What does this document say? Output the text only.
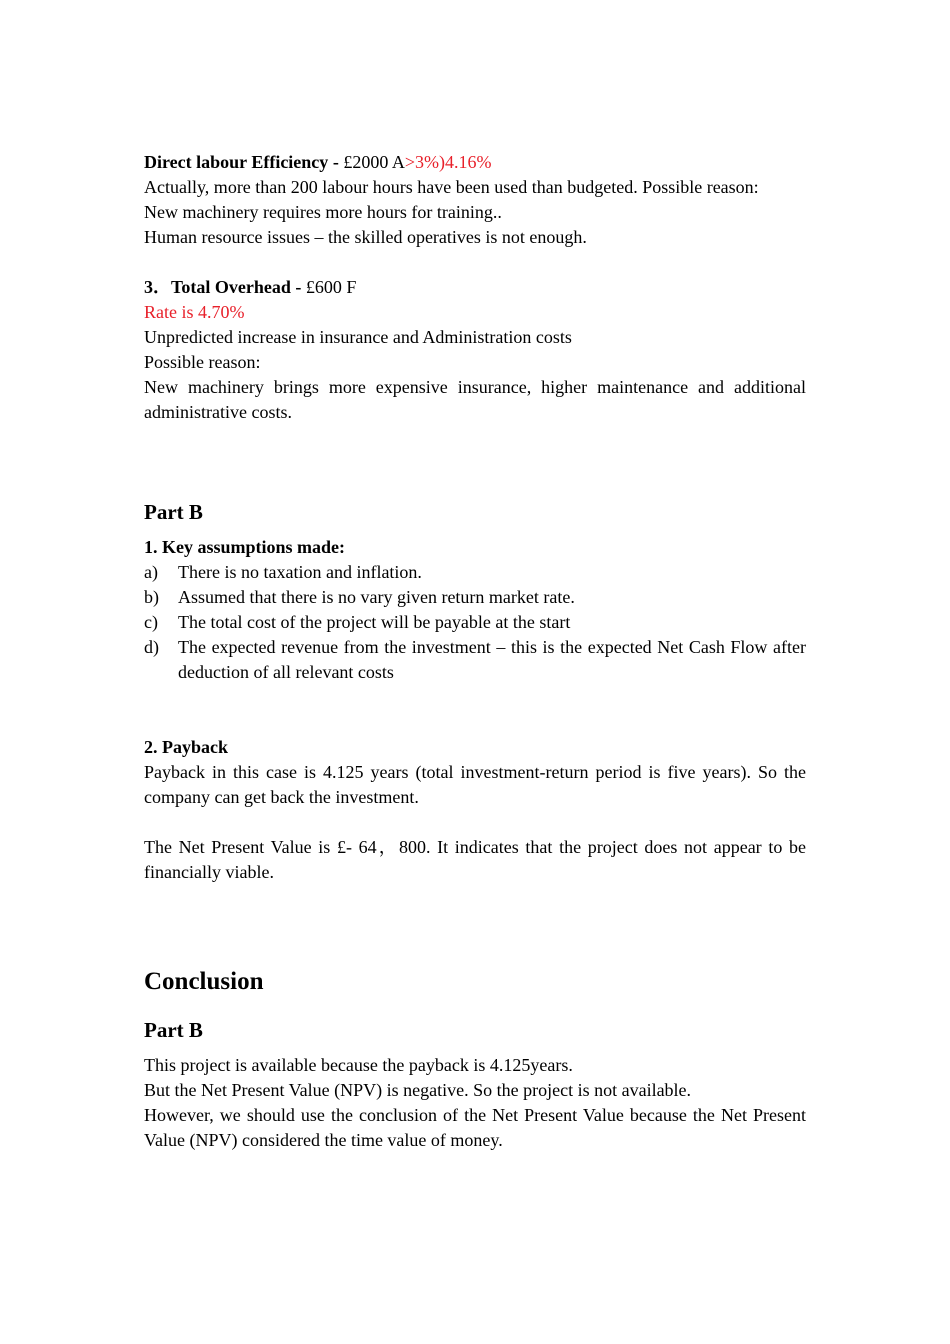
Direct labour Efficiency - £2000 A>3%)4.16%

Actually, more than 200 labour hours have been used than budgeted. Possible reason:

New machinery requires more hours for training..

Human resource issues – the skilled operatives is not enough.

3．Total Overhead - £600 F

Rate is 4.70%

Unpredicted increase in insurance and Administration costs

Possible reason:

New machinery brings more expensive insurance, higher maintenance and additional administrative costs.

Part B

1. Key assumptions made:

a)	There is no taxation and inflation.
b)	Assumed that there is no vary given return market rate.
c)	The total cost of the project will be payable at the start
d)	The expected revenue from the investment – this is the expected Net Cash Flow after deduction of all relevant costs

2. Payback

Payback in this case is 4.125 years (total investment-return period is five years). So the company can get back the investment.

The Net Present Value is £- 64，800. It indicates that the project does not appear to be financially viable.

Conclusion
Part B

This project is available because the payback is 4.125years.

But the Net Present Value (NPV) is negative. So the project is not available.

However, we should use the conclusion of the Net Present Value because the Net Present Value (NPV) considered the time value of money.
